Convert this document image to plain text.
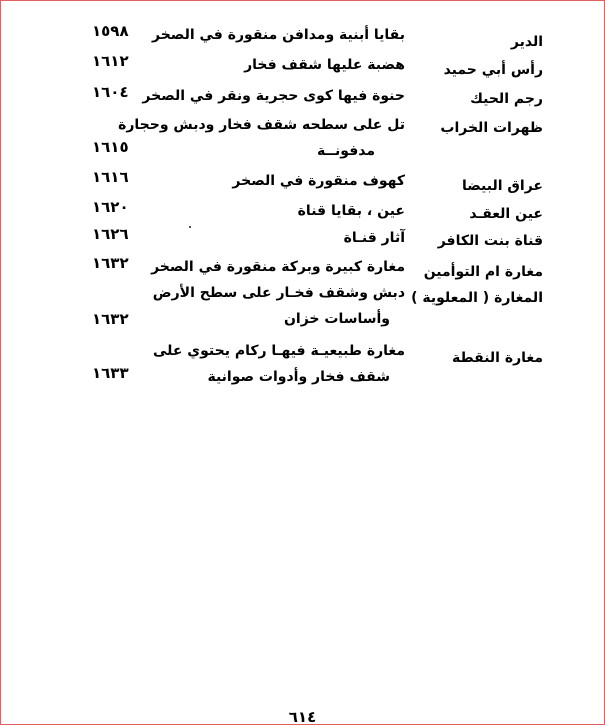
الدير
بقايا أبنية ومدافن منقورة في الصخر
١٥٩٨
رأس أبي حميد
هضبة عليها شقف فخار
١٦١٢
رجم الحيك
حنوة فيها كوى حجرية ونقر في الصخر
١٦٠٤
ظهرات الخراب
تل على سطحه شقف فخار ودبش وحجارة
مدفونــة
١٦١٥
عراق البيضا
كهوف منقورة في الصخر
١٦١٦
عين العقـد
عين ، بقايا قناة
١٦٢٠
قناة بنت الكافر
آثار قنـاة
١٦٢٦
مغارة ام التوأمين
المغارة ( المعلوية )
مغارة كبيرة وبركة منقورة في الصخر
دبش وشقف فخـار على سطح الأرض
وأساسات خزان
١٦٣٢
١٦٣٢
مغارة النقطة
مغارة طبيعيـة فيهـا ركام يحتوي على
شقف فخار وأدوات صوانية
١٦٣٣
٦١٤
